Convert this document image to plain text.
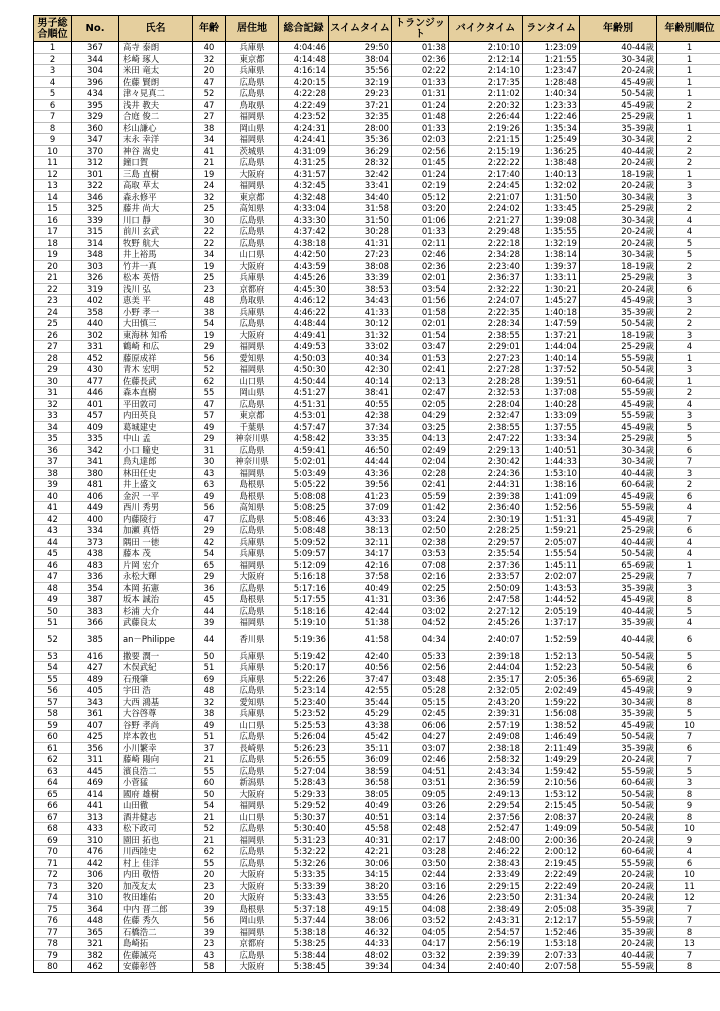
男子総合順位	No.	氏名	年齢	居住地	総合記録	スイムタイム	トランジット	バイクタイム	ランタイム	年齢別	年齢別順位
1	367	高寺 泰朗	40	兵庫県	4:04:46	29:50	01:38	2:10:10	1:23:09	40-44歳	1
2	344	杉崎 琢人	32	東京都	4:14:48	38:04	02:36	2:12:14	1:21:55	30-34歳	1
3	304	米田 竜太	20	兵庫県	4:16:14	35:56	02:22	2:14:10	1:23:47	20-24歳	1
4	396	佐藤 賢朗	47	広島県	4:20:15	32:19	01:33	2:17:35	1:28:48	45-49歳	1
5	434	津々見真二	52	広島県	4:22:28	29:23	01:31	2:11:02	1:40:34	50-54歳	1
6	395	浅井 教夫	47	鳥取県	4:22:49	37:21	01:24	2:20:32	1:23:33	45-49歳	2
7	329	合庭 俊二	27	福岡県	4:23:52	32:35	01:48	2:26:44	1:22:46	25-29歳	1
8	360	杉山謙心	38	岡山県	4:24:31	28:00	01:33	2:19:26	1:35:34	35-39歳	1
9	347	末永 幸洋	34	福岡県	4:24:41	35:36	02:03	2:21:15	1:25:49	30-34歳	2
10	370	神谷 嵩史	41	茨城県	4:31:09	36:29	02:56	2:15:19	1:36:25	40-44歳	2
11	312	鐘口賀	21	広島県	4:31:25	28:32	01:45	2:22:22	1:38:48	20-24歳	2
12	301	三島 直樹	19	大阪府	4:31:57	32:42	01:24	2:17:40	1:40:13	18-19歳	1
13	322	高取 草太	24	福岡県	4:32:45	33:41	02:19	2:24:45	1:32:02	20-24歳	3
14	346	森永修平	32	東京都	4:32:48	34:40	05:12	2:21:07	1:31:50	30-34歳	3
15	325	藤井 尚大	25	高知県	4:33:04	31:58	03:20	2:24:02	1:33:45	25-29歳	2
16	339	川口 靜	30	広島県	4:33:30	31:50	01:06	2:21:27	1:39:08	30-34歳	4
17	315	前川 玄武	22	広島県	4:37:42	30:28	01:33	2:29:48	1:35:55	20-24歳	4
18	314	牧野 航大	22	広島県	4:38:18	41:31	02:11	2:22:18	1:32:19	20-24歳	5
19	348	井上裕馬	34	山口県	4:42:50	27:23	02:46	2:34:28	1:38:14	30-34歳	5
20	303	竹井一真	19	大阪府	4:43:59	38:08	02:36	2:23:40	1:39:37	18-19歳	2
21	326	松本 英悟	25	兵庫県	4:45:26	33:39	02:01	2:36:37	1:33:11	25-29歳	3
22	319	浅川 弘	23	京都府	4:45:30	38:53	03:54	2:32:22	1:30:21	20-24歳	6
23	402	恵美 平	48	鳥取県	4:46:12	34:43	01:56	2:24:07	1:45:27	45-49歳	3
24	358	小野 孝一	38	兵庫県	4:46:22	41:33	01:58	2:22:35	1:40:18	35-39歳	2
25	440	大田慎三	54	広島県	4:48:44	30:12	02:01	2:28:34	1:47:59	50-54歳	2
26	302	東海林 知希	19	大阪府	4:49:41	31:32	01:54	2:38:55	1:37:21	18-19歳	3
27	331	鶴崎 和広	29	福岡県	4:49:53	33:02	03:47	2:29:01	1:44:04	25-29歳	4
28	452	藤原成祥	56	愛知県	4:50:03	40:34	01:53	2:27:23	1:40:14	55-59歳	1
29	430	青木 宏明	52	福岡県	4:50:30	42:30	02:41	2:27:28	1:37:52	50-54歳	3
30	477	佐藤長武	62	山口県	4:50:44	40:14	02:13	2:28:28	1:39:51	60-64歳	1
31	446	森本直樹	55	岡山県	4:51:27	38:41	02:47	2:32:53	1:37:08	55-59歳	2
32	401	平田敦司	47	広島県	4:51:31	40:55	02:05	2:28:04	1:40:28	45-49歳	4
33	457	内田英良	57	東京都	4:53:01	42:38	04:29	2:32:47	1:33:09	55-59歳	3
34	409	葛城建史	49	千葉県	4:57:47	37:34	03:25	2:38:55	1:37:55	45-49歳	5
35	335	中山 孟	29	神奈川県	4:58:42	33:35	04:13	2:47:22	1:33:34	25-29歳	5
36	342	小口 瞳史	31	広島県	4:59:41	46:50	02:49	2:29:13	1:40:51	30-34歳	6
37	341	鳥丸達郎	30	神奈川県	5:02:01	44:44	02:04	2:30:42	1:44:33	30-34歳	7
38	380	林田任史	43	福岡県	5:03:49	43:36	02:28	2:24:36	1:53:10	40-44歳	3
39	481	井上盛文	63	島根県	5:05:22	39:56	02:41	2:44:31	1:38:16	60-64歳	2
40	406	金沢 一平	49	島根県	5:08:08	41:23	05:59	2:39:38	1:41:09	45-49歳	6
41	449	西川 秀男	56	高知県	5:08:25	37:09	01:42	2:36:40	1:52:56	55-59歳	4
42	400	内藤陵行	47	広島県	5:08:46	43:33	03:24	2:30:19	1:51:31	45-49歳	7
43	334	加瀬 真悟	29	広島県	5:08:48	38:13	02:50	2:28:25	1:59:21	25-29歳	6
44	373	隅田 一徳	42	兵庫県	5:09:52	32:11	02:38	2:29:57	2:05:07	40-44歳	4
45	438	藤本 茂	54	兵庫県	5:09:57	34:17	03:53	2:35:54	1:55:54	50-54歳	4
46	483	片岡 宏介	65	福岡県	5:12:09	42:16	07:08	2:37:36	1:45:11	65-69歳	1
47	336	永松大輝	29	大阪府	5:16:18	37:58	02:16	2:33:57	2:02:07	25-29歳	7
48	354	本岡 拓憲	36	広島県	5:17:16	40:49	02:25	2:50:09	1:43:53	35-39歳	3
49	387	坂本 誠治	45	島根県	5:17:55	41:31	03:36	2:47:58	1:44:52	45-49歳	8
50	383	杉浦 大介	44	広島県	5:18:16	42:44	03:02	2:27:12	2:05:19	40-44歳	5
51	366	武藤良太	39	福岡県	5:19:10	51:38	04:52	2:45:26	1:37:17	35-39歳	4
52	385	an－Philippe	44	香川県	5:19:36	41:58	04:34	2:40:07	1:52:59	40-44歳	6
53	416	撒要 潤一	50	兵庫県	5:19:42	42:40	05:33	2:39:18	1:52:13	50-54歳	5
54	427	木俣武紀	51	兵庫県	5:20:17	40:56	02:56	2:44:04	1:52:23	50-54歳	6
55	489	石飛肇	69	兵庫県	5:22:26	37:47	03:48	2:35:17	2:05:36	65-69歳	2
56	405	宇田 浩	48	広島県	5:23:14	42:55	05:28	2:32:05	2:02:49	45-49歳	9
57	343	大西 鴻基	32	愛知県	5:23:40	35:44	05:15	2:43:20	1:59:22	30-34歳	8
58	361	大谷啓尊	38	兵庫県	5:23:52	45:29	02:45	2:39:31	1:56:08	35-39歳	5
59	407	谷野 孝尚	49	山口県	5:25:53	43:38	06:06	2:57:19	1:38:52	45-49歳	10
60	425	岸本敦也	51	広島県	5:26:04	45:42	04:27	2:49:08	1:46:49	50-54歳	7
61	356	小川繁幸	37	長崎県	5:26:23	35:11	03:07	2:38:18	2:11:49	35-39歳	6
62	311	藤崎 陽向	21	広島県	5:26:55	36:09	02:46	2:58:32	1:49:29	20-24歳	7
63	445	濱良浩二	55	広島県	5:27:04	38:59	04:51	2:43:34	1:59:42	55-59歳	5
64	469	小菅猛	60	新潟県	5:28:43	36:58	03:51	2:36:59	2:10:56	60-64歳	3
65	414	國府 雄樹	50	大阪府	5:29:33	38:05	09:05	2:49:13	1:53:12	50-54歳	8
66	441	山田徹	54	福岡県	5:29:52	40:49	03:26	2:29:54	2:15:45	50-54歳	9
67	313	酒井健志	21	山口県	5:30:37	40:51	03:14	2:37:56	2:08:37	20-24歳	8
68	433	松下政司	52	広島県	5:30:40	45:58	02:48	2:52:47	1:49:09	50-54歳	10
69	310	園田 拓也	21	福岡県	5:31:23	40:31	02:17	2:48:00	2:00:36	20-24歳	9
70	476	川西陸史	62	広島県	5:32:22	42:21	03:28	2:46:22	2:00:12	60-64歳	4
71	442	村上 佳洋	55	広島県	5:32:26	30:06	03:50	2:38:43	2:19:45	55-59歳	6
72	306	内田 敬悟	20	大阪府	5:33:35	34:15	02:44	2:33:49	2:22:49	20-24歳	10
73	320	加茂友太	23	大阪府	5:33:39	38:20	03:16	2:29:15	2:22:49	20-24歳	11
74	310	牧田雄佑	20	大阪府	5:33:43	33:55	04:26	2:23:50	2:31:34	20-24歳	12
75	364	中内 晋二郎	39	島根県	5:37:18	49:15	04:08	2:38:49	2:05:08	35-39歳	7
76	448	佐藤 秀久	56	岡山県	5:37:44	38:06	03:52	2:43:31	2:12:17	55-59歳	7
77	365	石橋浩二	39	福岡県	5:38:18	46:32	04:05	2:54:57	1:52:46	35-39歳	8
78	321	島崎拓	23	京都府	5:38:25	44:33	04:17	2:56:19	1:53:18	20-24歳	13
79	382	佐藤誠亮	43	広島県	5:38:44	48:02	03:32	2:39:39	2:07:33	40-44歳	7
80	462	安藤彰啓	58	大阪府	5:38:45	39:34	04:34	2:40:40	2:07:58	55-59歳	8
